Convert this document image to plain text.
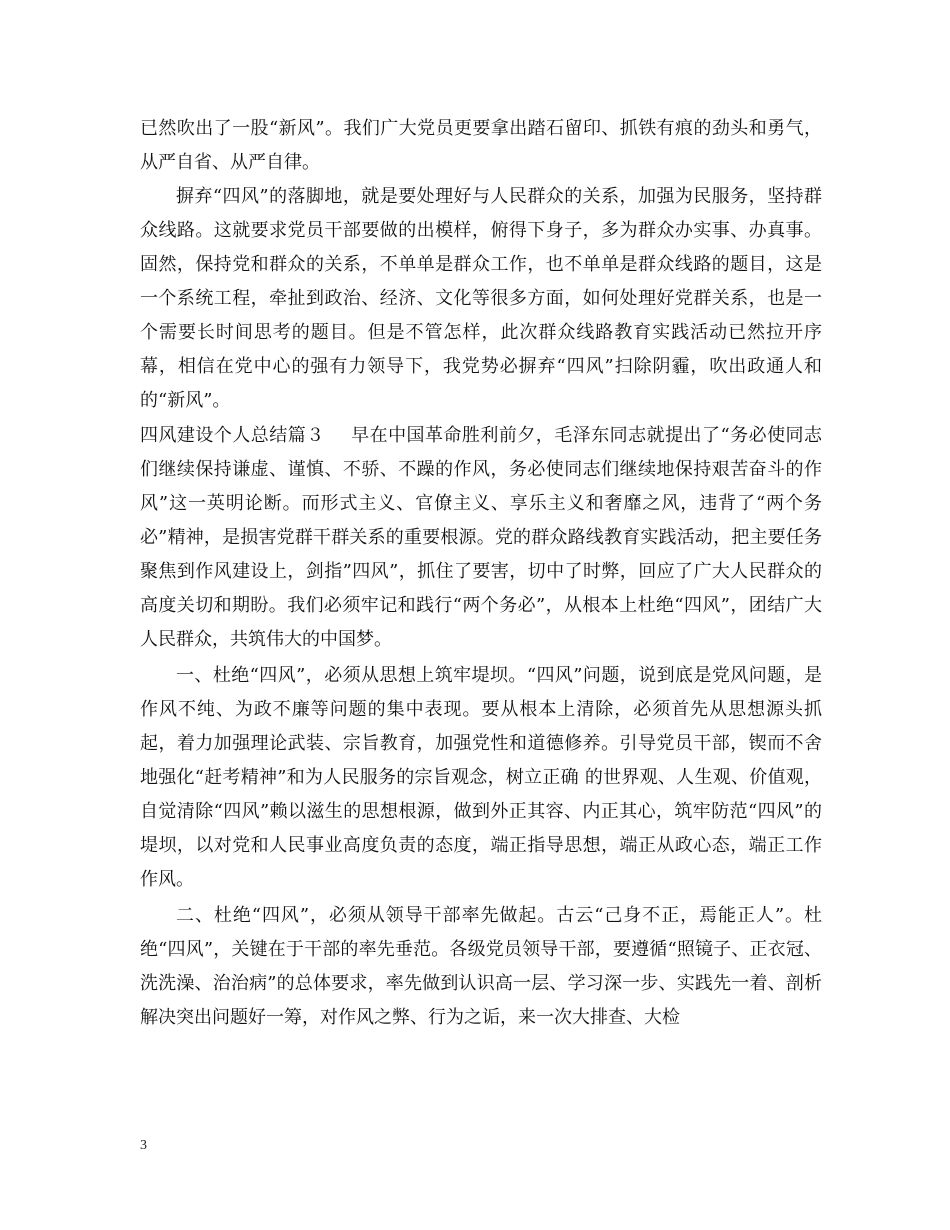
已然吹出了一股“新风”。我们广大党员更要拿出踏石留印、抓铁有痕的劲头和勇气，从严自省、从严自律。

摒弃“四风”的落脚地，就是要处理好与人民群众的关系，加强为民服务，坚持群众线路。这就要求党员干部要做的出模样，俯得下身子，多为群众办实事、办真事。固然，保持党和群众的关系，不单单是群众工作，也不单单是群众线路的题目，这是一个系统工程，牵扯到政治、经济、文化等很多方面，如何处理好党群关系，也是一个需要长时间思考的题目。但是不管怎样，此次群众线路教育实践活动已然拉开序幕，相信在党中心的强有力领导下，我党势必摒弃“四风”扫除阴霾，吹出政通人和的“新风”。

四风建设个人总结篇３ 早在中国革命胜利前夕，毛泽东同志就提出了“务必使同志们继续保持谦虚、谨慎、不骄、不躁的作风，务必使同志们继续地保持艰苦奋斗的作风”这一英明论断。而形式主义、官僚主义、享乐主义和奢靡之风，违背了“两个务必”精神，是损害党群干群关系的重要根源。党的群众路线教育实践活动，把主要任务聚焦到作风建设上，剑指”四风”，抓住了要害，切中了时弊，回应了广大人民群众的高度关切和期盼。我们必须牢记和践行“两个务必”，从根本上杜绝“四风”，团结广大人民群众，共筑伟大的中国梦。

一、杜绝“四风”，必须从思想上筑牢堤坝。“四风”问题，说到底是党风问题，是作风不纯、为政不廉等问题的集中表现。要从根本上清除，必须首先从思想源头抓起，着力加强理论武装、宗旨教育，加强党性和道德修养。引导党员干部，锲而不舍地强化“赶考精神”和为人民服务的宗旨观念，树立正确 的世界观、人生观、价值观，自觉清除“四风”赖以滋生的思想根源，做到外正其容、内正其心，筑牢防范“四风”的堤坝，以对党和人民事业高度负责的态度，端正指导思想，端正从政心态，端正工作作风。

二、杜绝“四风”，必须从领导干部率先做起。古云“己身不正，焉能正人”。杜绝“四风”，关键在于干部的率先垂范。各级党员领导干部，要遵循“照镜子、正衣冠、洗洗澡、治治病”的总体要求，率先做到认识高一层、学习深一步、实践先一着、剖析解决突出问题好一筹，对作风之弊、行为之诟，来一次大排查、大检

3
